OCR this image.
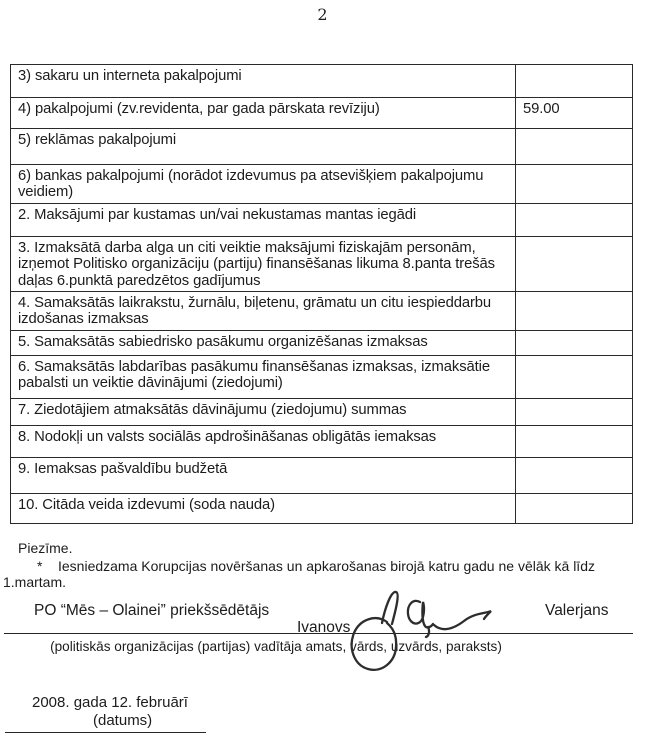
2
3) sakaru un interneta pakalpojumi	
4) pakalpojumi (zv.revidenta, par gada pārskata revīziju)	59.00
5) reklāmas pakalpojumi	
6) bankas pakalpojumi (norādot izdevumus pa atsevišķiem pakalpojumu veidiem)	
2. Maksājumi par kustamas un/vai nekustamas mantas iegādi	
3. Izmaksātā darba alga un citi veiktie maksājumi fiziskajām personām, izņemot Politisko organizāciju (partiju) finansēšanas likuma 8.panta trešās daļas 6.punktā paredzētos gadījumus	
4. Samaksātās laikrakstu, žurnālu, biļetenu, grāmatu un citu iespieddarbu izdošanas izmaksas	
5. Samaksātās sabiedrisko pasākumu organizēšanas izmaksas	
6. Samaksātās labdarības pasākumu finansēšanas izmaksas, izmaksātie pabalsti un veiktie dāvinājumi (ziedojumi)	
7. Ziedotājiem atmaksātās dāvinājumu (ziedojumu) summas	
8. Nodokļi un valsts sociālās apdrošināšanas obligātās iemaksas	
9. Iemaksas pašvaldību budžetā	
10. Citāda veida izdevumi (soda nauda)	
Piezīme.
* Iesniedzama Korupcijas novēršanas un apkarošanas birojā katru gadu ne vēlāk kā līdz
1.martam.
PO “Mēs – Olainei” priekšsēdētājs	Valerjans
Ivanovs
(politiskās organizācijas (partijas) vadītāja amats, vārds, uzvārds, paraksts)
2008. gada 12. februārī
(datums)
